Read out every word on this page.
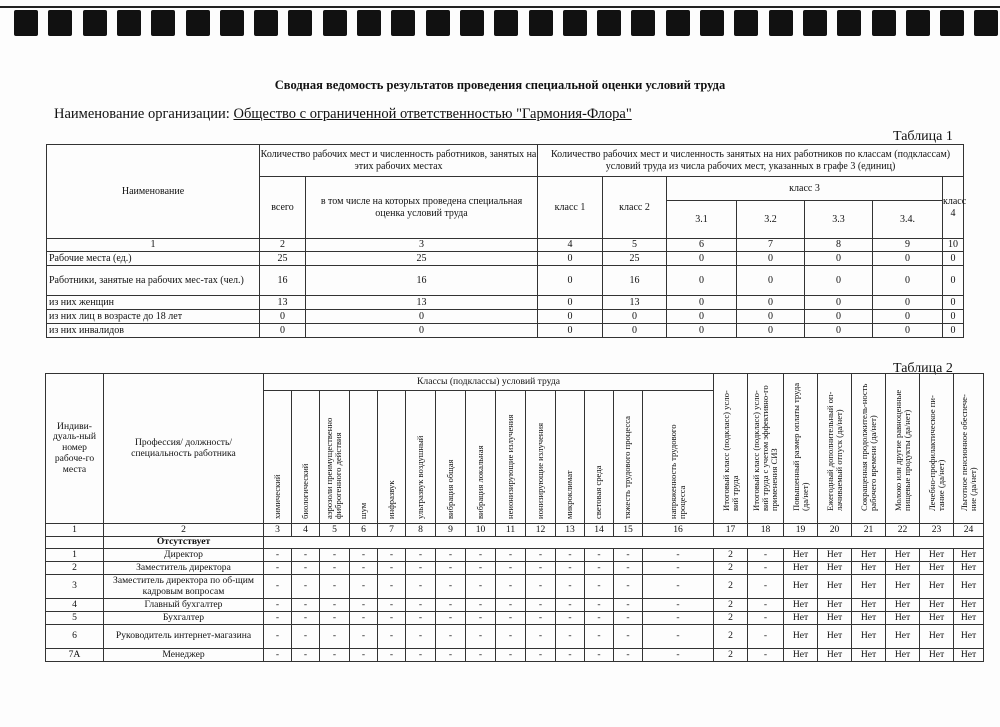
Сводная ведомость результатов проведения специальной оценки условий труда
Наименование организации: Общество с ограниченной ответственностью "Гармония-Флора"
Таблица 1
Наименование	Количество рабочих мест и численность работников, занятых на этих рабочих местах		Количество рабочих мест и численность занятых на них работников по классам (подклассам) условий труда из числа рабочих мест, указанных в графе 3 (единиц)						
	всего	в том числе на которых проведена специальная оценка условий труда	класс 1	класс 2	класс 3				класс 4
					3.1	3.2	3.3	3.4.	
1	2	3	4	5	6	7	8	9	10
Рабочие места (ед.)	25	25	0	25	0	0	0	0	0
Работники, занятые на рабочих мес-тах (чел.)	16	16	0	16	0	0	0	0	0
из них женщин	13	13	0	13	0	0	0	0	0
из них лиц в возрасте до 18 лет	0	0	0	0	0	0	0	0	0
из них инвалидов	0	0	0	0	0	0	0	0	0
Таблица 2
Индиви-дуаль-ный номер рабоче-го места	Профессия/ должность/ специальность работника	Классы (подклассы) условий труда														Итоговый класс (подкласс) усло-вий труда	Итоговый класс (подкласс) усло-вий труда с учетом эффективно-го применения СИЗ	Повышенный размер оплаты труда (да/нет)	Ежегодный дополнительный оп-лачиваемый отпуск (да/нет)	Сокращенная продолжитель-ность рабочего времени (да/нет)	Молоко или другие равноценные пищевые продукты (да/нет)	Лечебно-профилактическое пи-тание (да/нет)	Льготное пенсионное обеспече-ние (да/нет)
		химический	биологический	аэрозоли преимущественно фиброгенного действия	шум	инфразвук	ультразвук воздушный	вибрация общая	вибрация локальная	неионизирующие излучения	ионизирующие излучения	микроклимат	световая среда	тяжесть трудового процесса	напряженность трудового процесса								
1	2	3	4	5	6	7	8	9	10	11	12	13	14	15	16	17	18	19	20	21	22	23	24
	Отсутствует																						
1	Директор	-	-	-	-	-	-	-	-	-	-	-	-	-	-	2	-	Нет	Нет	Нет	Нет	Нет	Нет
2	Заместитель директора	-	-	-	-	-	-	-	-	-	-	-	-	-	-	2	-	Нет	Нет	Нет	Нет	Нет	Нет
3	Заместитель директора по об-щим кадровым вопросам	-	-	-	-	-	-	-	-	-	-	-	-	-	-	2	-	Нет	Нет	Нет	Нет	Нет	Нет
4	Главный бухгалтер	-	-	-	-	-	-	-	-	-	-	-	-	-	-	2	-	Нет	Нет	Нет	Нет	Нет	Нет
5	Бухгалтер	-	-	-	-	-	-	-	-	-	-	-	-	-	-	2	-	Нет	Нет	Нет	Нет	Нет	Нет
6	Руководитель интернет-магазина	-	-	-	-	-	-	-	-	-	-	-	-	-	-	2	-	Нет	Нет	Нет	Нет	Нет	Нет
7А	Менеджер	-	-	-	-	-	-	-	-	-	-	-	-	-	-	2	-	Нет	Нет	Нет	Нет	Нет	Нет
